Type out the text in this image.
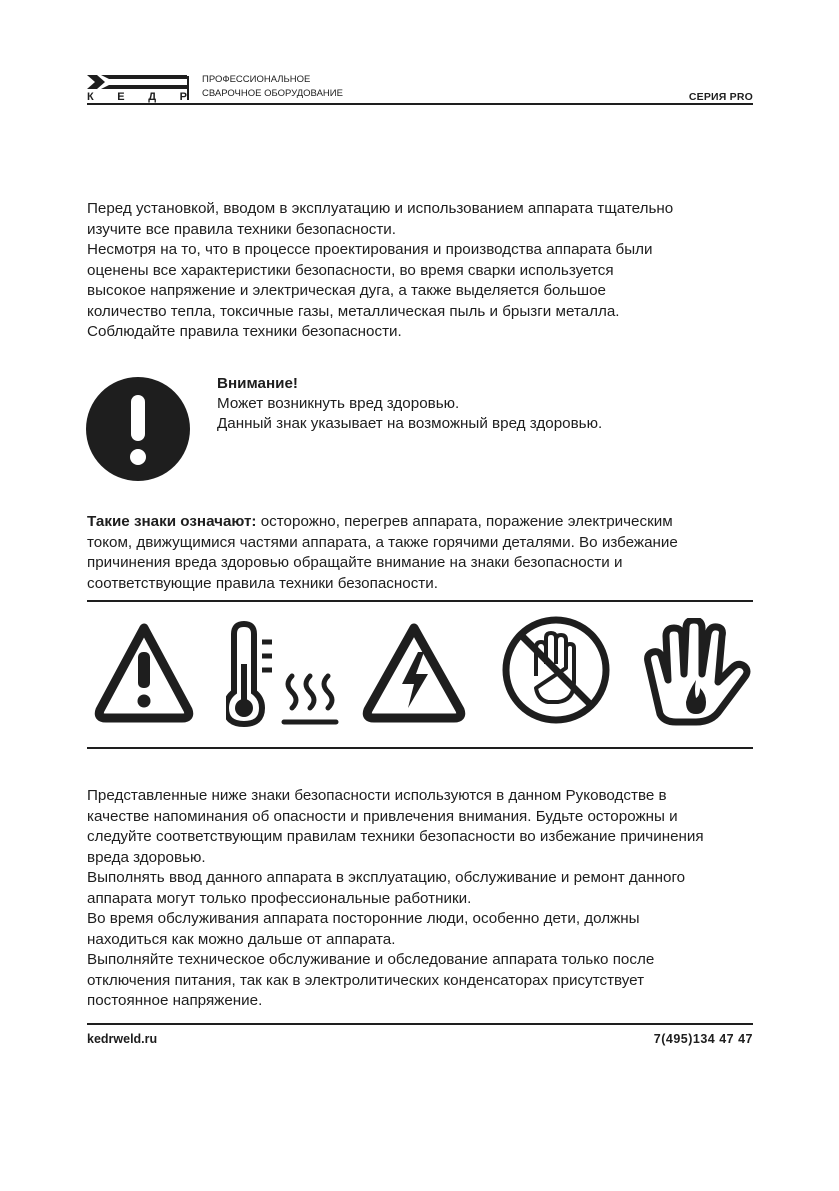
К Е Д Р
ПРОФЕССИОНАЛЬНОЕ
СВАРОЧНОЕ ОБОРУДОВАНИЕ	СЕРИЯ PRO

Перед установкой, вводом в эксплуатацию и использованием аппарата тщательно

изучите все правила техники безопасности.

Несмотря на то, что в процессе проектирования и производства аппарата были

оценены все характеристики безопасности, во время сварки используется

высокое напряжение и электрическая дуга, а также выделяется большое

количество тепла, токсичные газы, металлическая пыль и брызги металла.

Соблюдайте правила техники безопасности.

Внимание!
Может возникнуть вред здоровью.
Данный знак указывает на возможный вред здоровью.

Такие знаки означают: осторожно, перегрев аппарата, поражение электрическим

током, движущимися частями аппарата, а также горячими деталями. Во избежание

причинения вреда здоровью обращайте внимание на знаки безопасности и

соответствующие правила техники безопасности.

Представленные ниже знаки безопасности используются в данном Руководстве в

качестве напоминания об опасности и привлечения внимания. Будьте осторожны и

следуйте соответствующим правилам техники безопасности во избежание причинения

вреда здоровью.

Выполнять ввод данного аппарата в эксплуатацию, обслуживание и ремонт данного

аппарата могут только профессиональные работники.

Во время обслуживания аппарата посторонние люди, особенно дети, должны

находиться как можно дальше от аппарата.

Выполняйте техническое обслуживание и обследование аппарата только после

отключения питания, так как в электролитических конденсаторах присутствует

постоянное напряжение.

kedrweld.ru	7(495)134 47 47
